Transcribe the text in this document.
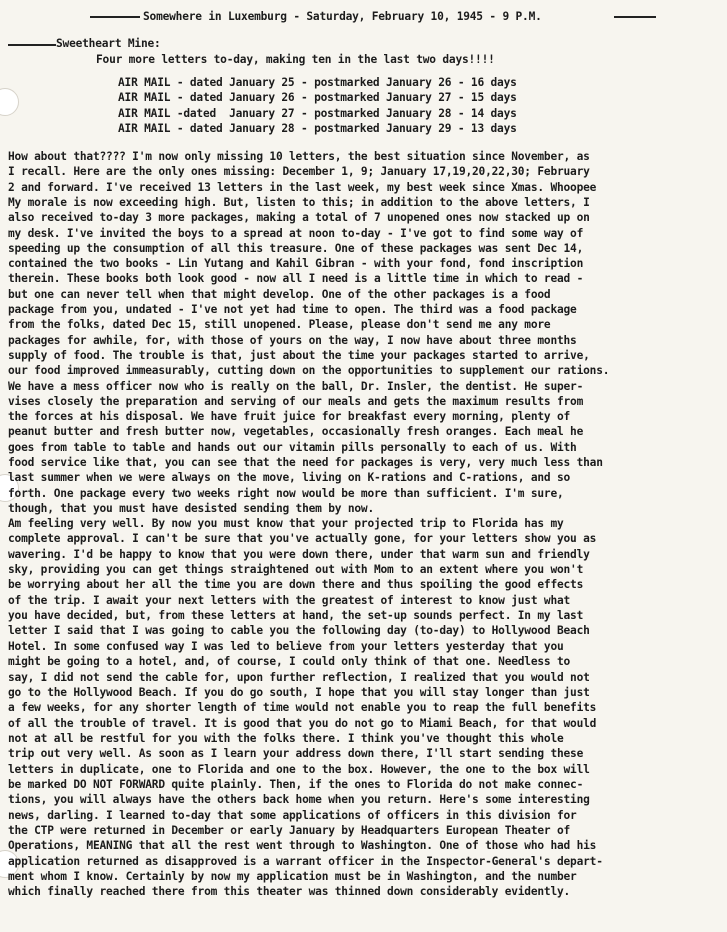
Somewhere in Luxemburg - Saturday, February 10, 1945 - 9 P.M.
Sweetheart Mine:
Four more letters to-day, making ten in the last two days!!!!
AIR MAIL - dated January 25 - postmarked January 26 - 16 days
AIR MAIL - dated January 26 - postmarked January 27 - 15 days
AIR MAIL -dated  January 27 - postmarked January 28 - 14 days
AIR MAIL - dated January 28 - postmarked January 29 - 13 days
How about that???? I'm now only missing 10 letters, the best situation since November, as
I recall. Here are the only ones missing: December 1, 9; January 17,19,20,22,30; February
2 and forward. I've received 13 letters in the last week, my best week since Xmas. Whoopee
My morale is now exceeding high. But, listen to this; in addition to the above letters, I
also received to-day 3 more packages, making a total of 7 unopened ones now stacked up on
my desk. I've invited the boys to a spread at noon to-day - I've got to find some way of
speeding up the consumption of all this treasure. One of these packages was sent Dec 14,
contained the two books - Lin Yutang and Kahil Gibran - with your fond, fond inscription
therein. These books both look good - now all I need is a little time in which to read -
but one can never tell when that might develop. One of the other packages is a food
package from you, undated - I've not yet had time to open. The third was a food package
from the folks, dated Dec 15, still unopened. Please, please don't send me any more
packages for awhile, for, with those of yours on the way, I now have about three months
supply of food. The trouble is that, just about the time your packages started to arrive,
our food improved immeasurably, cutting down on the opportunities to supplement our rations.
We have a mess officer now who is really on the ball, Dr. Insler, the dentist. He super-
vises closely the preparation and serving of our meals and gets the maximum results from
the forces at his disposal. We have fruit juice for breakfast every morning, plenty of
peanut butter and fresh butter now, vegetables, occasionally fresh oranges. Each meal he
goes from table to table and hands out our vitamin pills personally to each of us. With
food service like that, you can see that the need for packages is very, very much less than
last summer when we were always on the move, living on K-rations and C-rations, and so
forth. One package every two weeks right now would be more than sufficient. I'm sure,
though, that you must have desisted sending them by now.
Am feeling very well. By now you must know that your projected trip to Florida has my
complete approval. I can't be sure that you've actually gone, for your letters show you as
wavering. I'd be happy to know that you were down there, under that warm sun and friendly
sky, providing you can get things straightened out with Mom to an extent where you won't
be worrying about her all the time you are down there and thus spoiling the good effects
of the trip. I await your next letters with the greatest of interest to know just what
you have decided, but, from these letters at hand, the set-up sounds perfect. In my last
letter I said that I was going to cable you the following day (to-day) to Hollywood Beach
Hotel. In some confused way I was led to believe from your letters yesterday that you
might be going to a hotel, and, of course, I could only think of that one. Needless to
say, I did not send the cable for, upon further reflection, I realized that you would not
go to the Hollywood Beach. If you do go south, I hope that you will stay longer than just
a few weeks, for any shorter length of time would not enable you to reap the full benefits
of all the trouble of travel. It is good that you do not go to Miami Beach, for that would
not at all be restful for you with the folks there. I think you've thought this whole
trip out very well. As soon as I learn your address down there, I'll start sending these
letters in duplicate, one to Florida and one to the box. However, the one to the box will
be marked DO NOT FORWARD quite plainly. Then, if the ones to Florida do not make connec-
tions, you will always have the others back home when you return. Here's some interesting
news, darling. I learned to-day that some applications of officers in this division for
the CTP were returned in December or early January by Headquarters European Theater of
Operations, MEANING that all the rest went through to Washington. One of those who had his
application returned as disapproved is a warrant officer in the Inspector-General's depart-
ment whom I know. Certainly by now my application must be in Washington, and the number
which finally reached there from this theater was thinned down considerably evidently.
